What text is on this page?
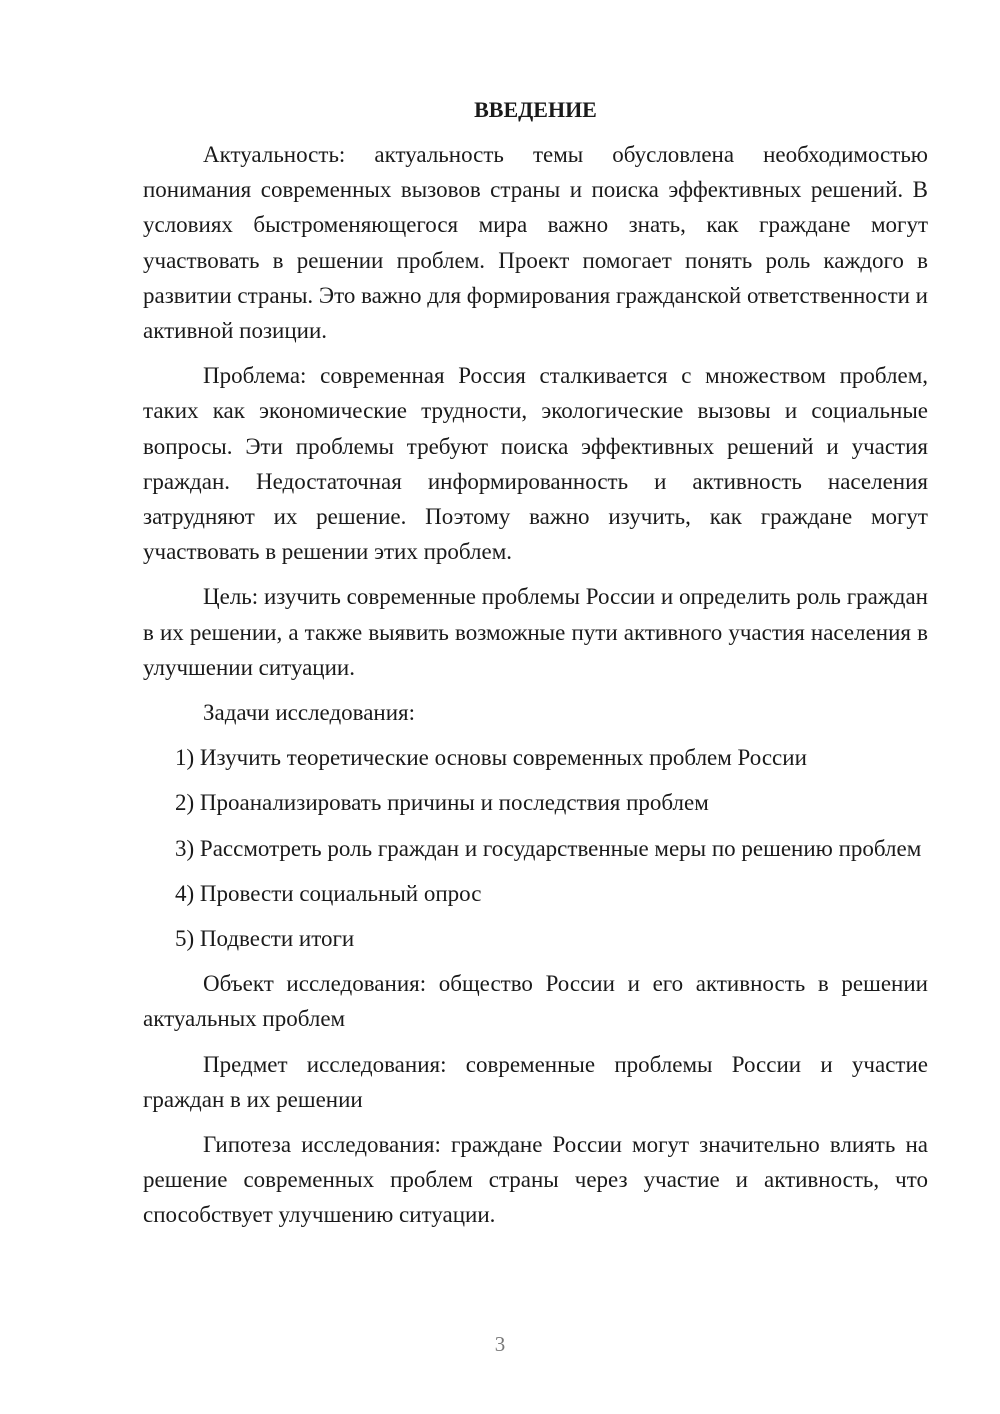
ВВЕДЕНИЕ

Актуальность: актуальность темы обусловлена необходимостью понимания современных вызовов страны и поиска эффективных решений. В условиях быстроменяющегося мира важно знать, как граждане могут участвовать в решении проблем. Проект помогает понять роль каждого в развитии страны. Это важно для формирования гражданской ответственности и активной позиции.

Проблема: современная Россия сталкивается с множеством проблем, таких как экономические трудности, экологические вызовы и социальные вопросы. Эти проблемы требуют поиска эффективных решений и участия граждан. Недостаточная информированность и активность населения затрудняют их решение. Поэтому важно изучить, как граждане могут участвовать в решении этих проблем.

Цель: изучить современные проблемы России и определить роль граждан в их решении, а также выявить возможные пути активного участия населения в улучшении ситуации.

Задачи исследования:

1) Изучить теоретические основы современных проблем России

2) Проанализировать причины и последствия проблем

3) Рассмотреть роль граждан и государственные меры по решению проблем

4) Провести социальный опрос

5) Подвести итоги

Объект исследования: общество России и его активность в решении актуальных проблем

Предмет исследования: современные проблемы России и участие граждан в их решении

Гипотеза исследования: граждане России могут значительно влиять на решение современных проблем страны через участие и активность, что способствует улучшению ситуации.

3
